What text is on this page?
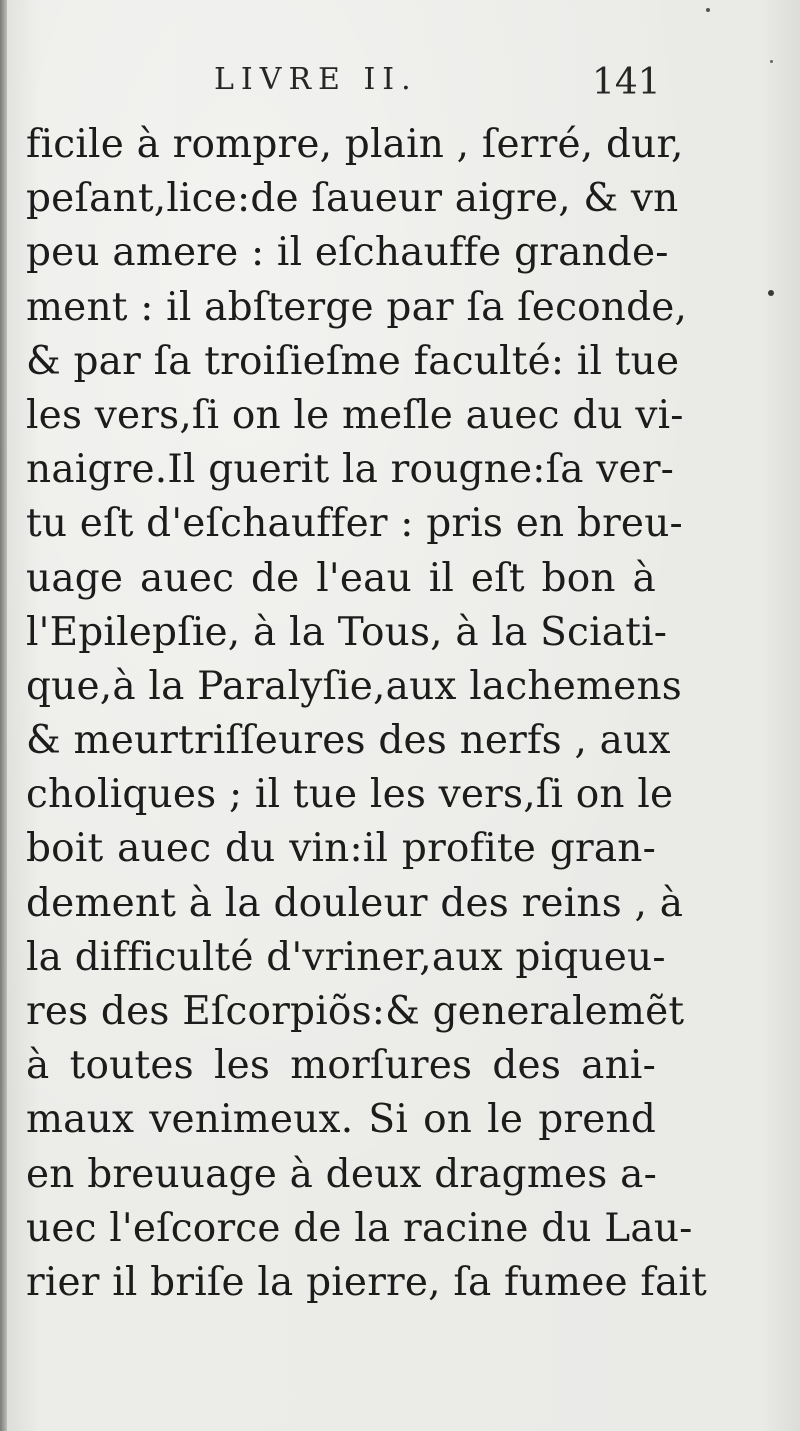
LIVRE II.	141
ficile à rompre, plain , ſerré, dur,
peſant,lice:de ſaueur aigre, & vn
peu amere : il eſchauffe grande-
ment : il abſterge par ſa ſeconde,
& par ſa troiſieſme faculté: il tue
les vers,ſi on le meſle auec du vi-
naigre.Il guerit la rougne:ſa ver-
tu eſt d'eſchauffer : pris en breu-
uage auec de l'eau il eſt bon à
l'Epilepſie, à la Tous, à la Sciati-
que,à la Paralyſie,aux lachemens
& meurtriſſeures des nerfs , aux
choliques ; il tue les vers,ſi on le
boit auec du vin:il profite gran-
dement à la douleur des reins , à
la difficulté d'vriner,aux piqueu-
res des Eſcorpiõs:& generalemẽt
à toutes les morſures des ani-
maux venimeux. Si on le prend
en breuuage à deux dragmes a-
uec l'eſcorce de la racine du Lau-
rier il briſe la pierre, ſa fumee fait
